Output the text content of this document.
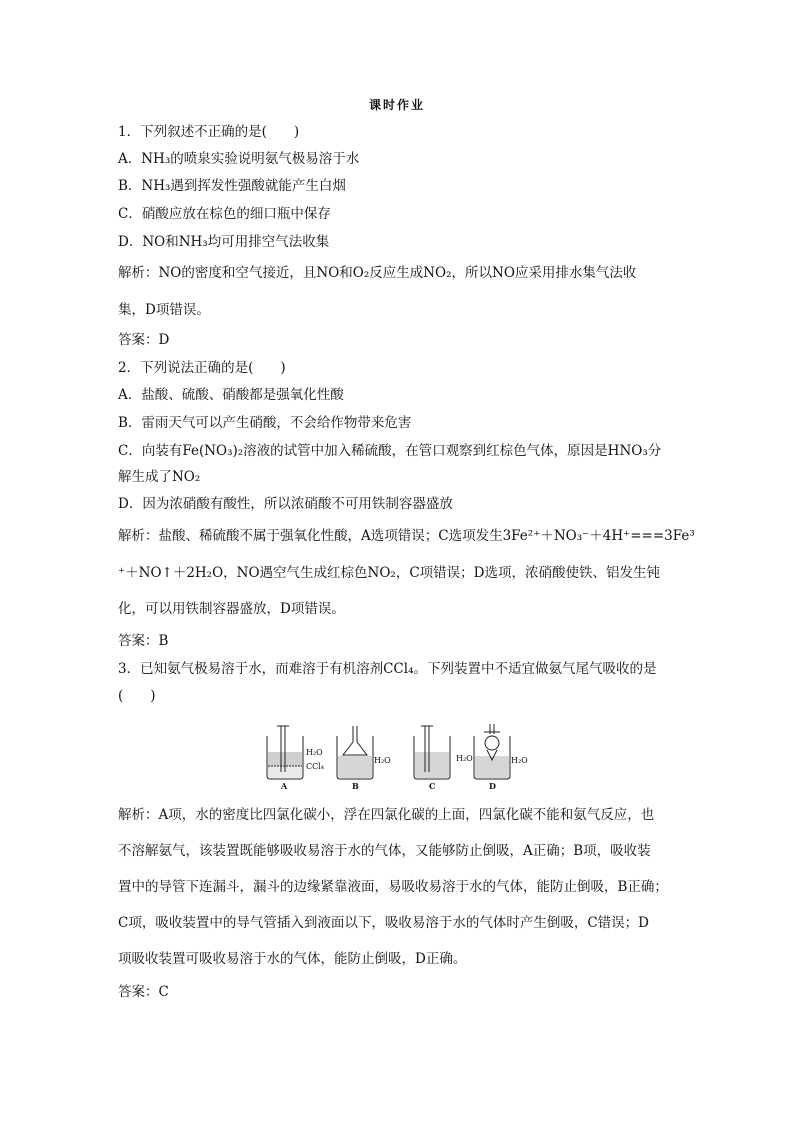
课时作业
1．下列叙述不正确的是(　　)
A．NH₃的喷泉实验说明氨气极易溶于水
B．NH₃遇到挥发性强酸就能产生白烟
C．硝酸应放在棕色的细口瓶中保存
D．NO和NH₃均可用排空气法收集
解析：NO的密度和空气接近，且NO和O₂反应生成NO₂，所以NO应采用排水集气法收
集，D项错误。
答案：D
2．下列说法正确的是(　　)
A．盐酸、硫酸、硝酸都是强氧化性酸
B．雷雨天气可以产生硝酸，不会给作物带来危害
C．向装有Fe(NO₃)₂溶液的试管中加入稀硫酸，在管口观察到红棕色气体，原因是HNO₃分
解生成了NO₂
D．因为浓硝酸有酸性，所以浓硝酸不可用铁制容器盛放
解析：盐酸、稀硫酸不属于强氧化性酸，A选项错误；C选项发生3Fe²⁺＋NO₃⁻＋4H⁺===3Fe³
⁺＋NO↑＋2H₂O，NO遇空气生成红棕色NO₂，C项错误；D选项，浓硝酸使铁、铝发生钝
化，可以用铁制容器盛放，D项错误。
答案：B
3．已知氨气极易溶于水，而难溶于有机溶剂CCl₄。下列装置中不适宜做氨气尾气吸收的是
(　　)
H₂O
CCl₄
H₂O	H₂O	H₂O
A	B	C	D
解析：A项，水的密度比四氯化碳小，浮在四氯化碳的上面，四氯化碳不能和氨气反应，也
不溶解氨气，该装置既能够吸收易溶于水的气体，又能够防止倒吸，A正确；B项，吸收装
置中的导管下连漏斗，漏斗的边缘紧靠液面，易吸收易溶于水的气体，能防止倒吸，B正确；
C项，吸收装置中的导气管插入到液面以下，吸收易溶于水的气体时产生倒吸，C错误；D
项吸收装置可吸收易溶于水的气体，能防止倒吸，D正确。
答案：C
